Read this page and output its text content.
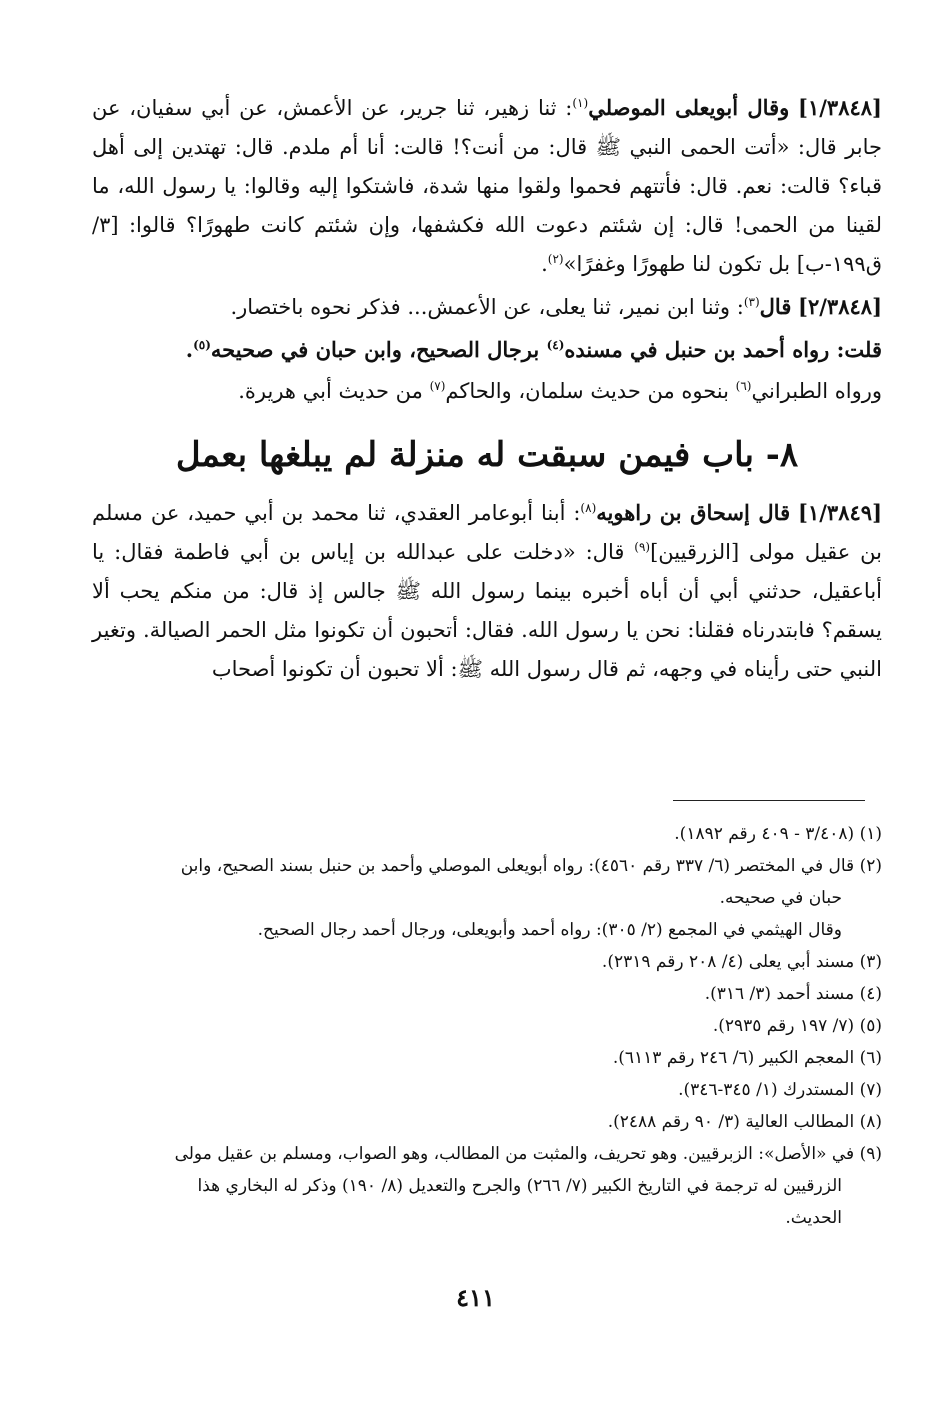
[١/٣٨٤٨] وقال أبويعلى الموصلي$^{(١)}$: ثنا زهير، ثنا جرير، عن الأعمش، عن أبي سفيان، عن جابر قال: «أتت الحمى النبي ﷺ قال: من أنت؟! قالت: أنا أم ملدم. قال: تهتدين إلى أهل قباء؟ قالت: نعم. قال: فأتتهم فحموا ولقوا منها شدة، فاشتكوا إليه وقالوا: يا رسول الله، ما لقينا من الحمى! قال: إن شئتم دعوت الله فكشفها، وإن شئتم كانت طهورًا؟ قالوا: [٣/ق١٩٩-ب] بل تكون لنا طهورًا وغفرًا»$^{(٢)}$.

[٢/٣٨٤٨] قال$^{(٣)}$: وثنا ابن نمير، ثنا يعلى، عن الأعمش... فذكر نحوه باختصار.

قلت: رواه أحمد بن حنبل في مسنده$^{(٤)}$ برجال الصحيح، وابن حبان في صحيحه$^{(٥)}$.

ورواه الطبراني$^{(٦)}$ بنحوه من حديث سلمان، والحاكم$^{(٧)}$ من حديث أبي هريرة.

٨- باب فيمن سبقت له منزلة لم يبلغها بعمل

[١/٣٨٤٩] قال إسحاق بن راهويه$^{(٨)}$: أبنا أبوعامر العقدي، ثنا محمد بن أبي حميد، عن مسلم بن عقيل مولى [الزرقيين]$^{(٩)}$ قال: «دخلت على عبدالله بن إياس بن أبي فاطمة فقال: يا أباعقيل، حدثني أبي أن أباه أخبره بينما رسول الله ﷺ جالس إذ قال: من منكم يحب ألا يسقم؟ فابتدرناه فقلنا: نحن يا رسول الله. فقال: أتحبون أن تكونوا مثل الحمر الصيالة. وتغير النبي حتى رأيناه في وجهه، ثم قال رسول الله ﷺ: ألا تحبون أن تكونوا أصحاب

(١) (٣/٤٠٨ - ٤٠٩ رقم ١٨٩٢).

(٢) قال في المختصر (٦/ ٣٣٧ رقم ٤٥٦٠): رواه أبويعلى الموصلي وأحمد بن حنبل بسند الصحيح، وابن

حبان في صحيحه.

وقال الهيثمي في المجمع (٢/ ٣٠٥): رواه أحمد وأبويعلى، ورجال أحمد رجال الصحيح.

(٣) مسند أبي يعلى (٤/ ٢٠٨ رقم ٢٣١٩).

(٤) مسند أحمد (٣/ ٣١٦).

(٥) (٧/ ١٩٧ رقم ٢٩٣٥).

(٦) المعجم الكبير (٦/ ٢٤٦ رقم ٦١١٣).

(٧) المستدرك (١/ ٣٤٥-٣٤٦).

(٨) المطالب العالية (٣/ ٩٠ رقم ٢٤٨٨).

(٩) في «الأصل»: الزبرقيين. وهو تحريف، والمثبت من المطالب، وهو الصواب، ومسلم بن عقيل مولى

الزرقيين له ترجمة في التاريخ الكبير (٧/ ٢٦٦) والجرح والتعديل (٨/ ١٩٠) وذكر له البخاري هذا

الحديث.

٤١١
